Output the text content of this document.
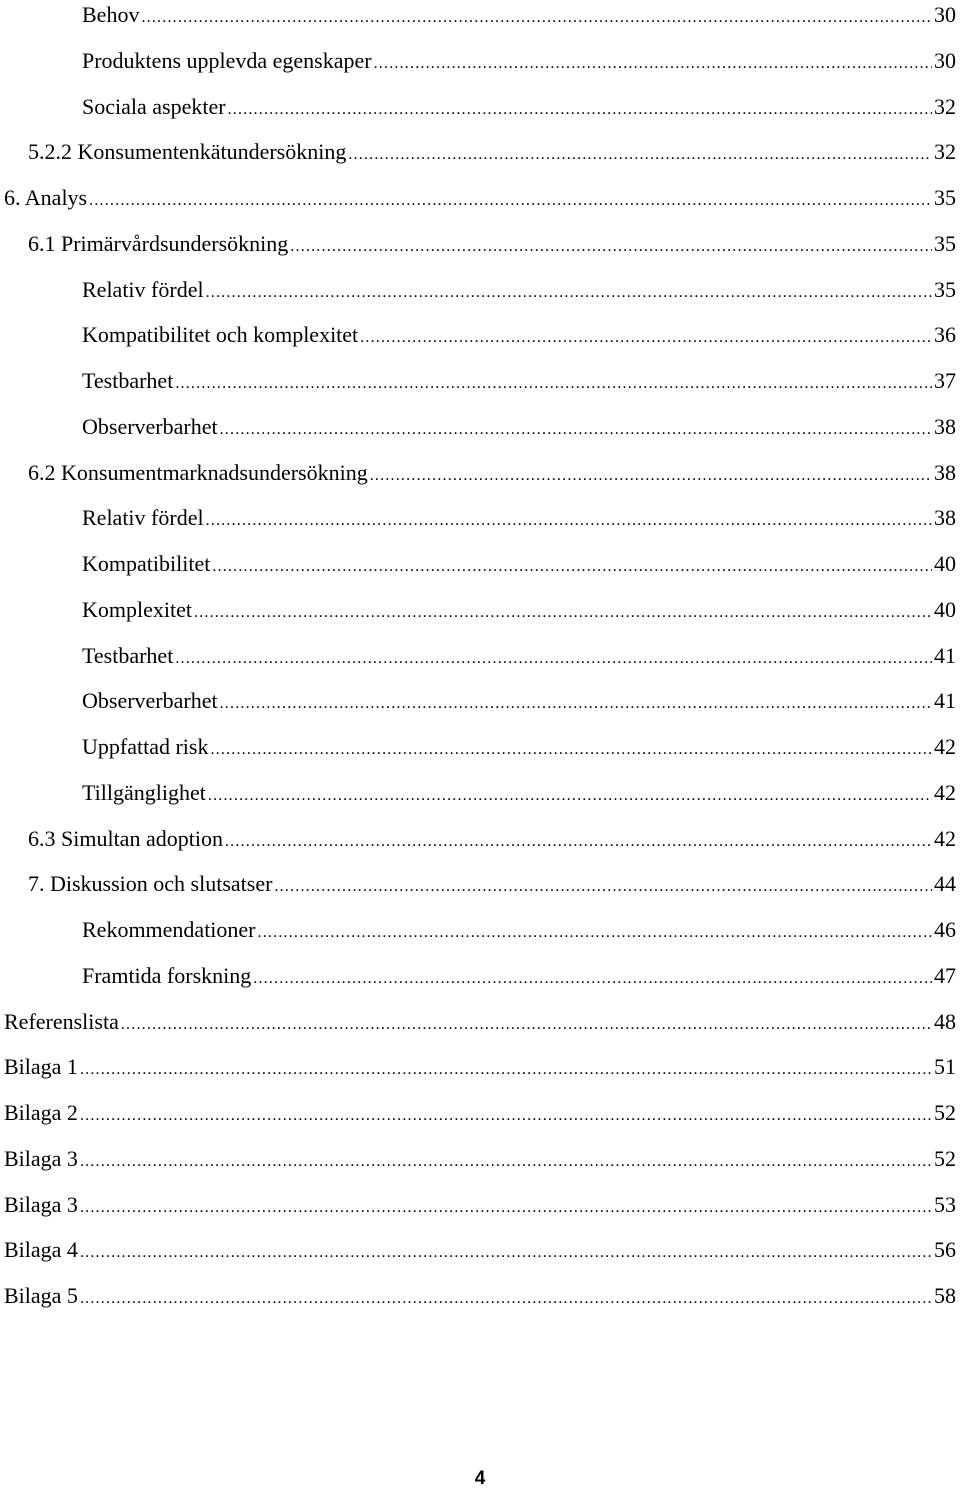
Behov .....	30
Produktens upplevda egenskaper .....	30
Sociala aspekter .....	32
5.2.2 Konsumentenkätundersökning .....	32
6. Analys .....	35
6.1 Primärvårdsundersökning .....	35
Relativ fördel .....	35
Kompatibilitet och komplexitet .....	36
Testbarhet .....	37
Observerbarhet .....	38
6.2 Konsumentmarknadsundersökning .....	38
Relativ fördel .....	38
Kompatibilitet .....	40
Komplexitet .....	40
Testbarhet .....	41
Observerbarhet .....	41
Uppfattad risk .....	42
Tillgänglighet .....	42
6.3 Simultan adoption .....	42
7. Diskussion och slutsatser .....	44
Rekommendationer .....	46
Framtida forskning .....	47
Referenslista .....	48
Bilaga 1 .....	51
Bilaga 2 .....	52
Bilaga 3 .....	52
Bilaga 3 .....	53
Bilaga 4 .....	56
Bilaga 5 .....	58
4
